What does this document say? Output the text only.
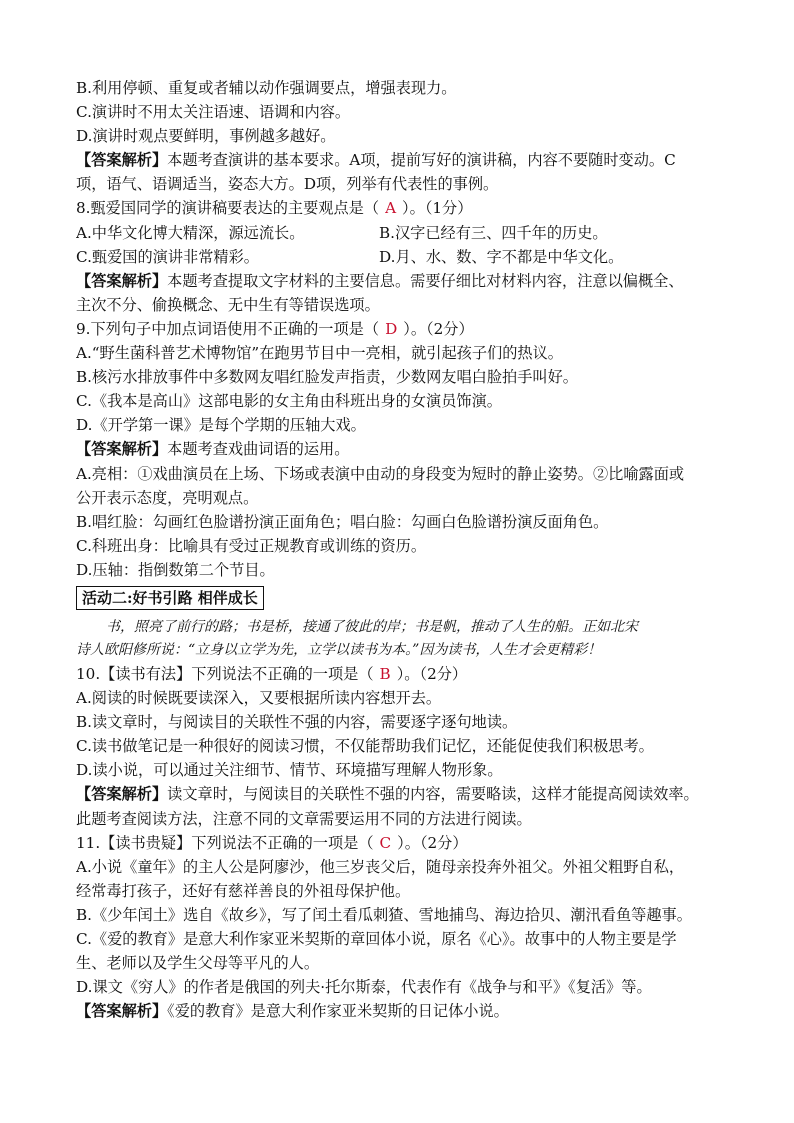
B.利用停顿、重复或者辅以动作强调要点，增强表现力。
C.演讲时不用太关注语速、语调和内容。
D.演讲时观点要鲜明，事例越多越好。
【答案解析】本题考查演讲的基本要求。A项，提前写好的演讲稿，内容不要随时变动。C
项，语气、语调适当，姿态大方。D项，列举有代表性的事例。
8.甄爱国同学的演讲稿要表达的主要观点是（ A ）。（1分）
A.中华文化博大精深，源远流长。	B.汉字已经有三、四千年的历史。
C.甄爱国的演讲非常精彩。	D.月、水、数、字不都是中华文化。
【答案解析】本题考查提取文字材料的主要信息。需要仔细比对材料内容，注意以偏概全、
主次不分、偷换概念、无中生有等错误选项。
9.下列句子中加点词语使用不正确的一项是（ D ）。（2分）
A.“野生菌科普艺术博物馆”在跑男节目中一亮相，就引起孩子们的热议。
B.核污水排放事件中多数网友唱红脸发声指责，少数网友唱白脸拍手叫好。
C.《我本是高山》这部电影的女主角由科班出身的女演员饰演。
D.《开学第一课》是每个学期的压轴大戏。
【答案解析】本题考查戏曲词语的运用。
A.亮相：①戏曲演员在上场、下场或表演中由动的身段变为短时的静止姿势。②比喻露面或
公开表示态度，亮明观点。
B.唱红脸：勾画红色脸谱扮演正面角色；唱白脸：勾画白色脸谱扮演反面角色。
C.科班出身：比喻具有受过正规教育或训练的资历。
D.压轴：指倒数第二个节目。
活动二:好书引路 相伴成长
书，照亮了前行的路；书是桥，接通了彼此的岸；书是帆，推动了人生的船。正如北宋
诗人欧阳修所说：“立身以立学为先，立学以读书为本。”因为读书，人生才会更精彩！
10.【读书有法】下列说法不正确的一项是（ B ）。（2分）
A.阅读的时候既要读深入，又要根据所读内容想开去。
B.读文章时，与阅读目的关联性不强的内容，需要逐字逐句地读。
C.读书做笔记是一种很好的阅读习惯，不仅能帮助我们记忆，还能促使我们积极思考。
D.读小说，可以通过关注细节、情节、环境描写理解人物形象。
【答案解析】读文章时，与阅读目的关联性不强的内容，需要略读，这样才能提高阅读效率。
此题考查阅读方法，注意不同的文章需要运用不同的方法进行阅读。
11.【读书贵疑】下列说法不正确的一项是（ C ）。（2分）
A.小说《童年》的主人公是阿廖沙，他三岁丧父后，随母亲投奔外祖父。外祖父粗野自私，
经常毒打孩子，还好有慈祥善良的外祖母保护他。
B.《少年闰土》选自《故乡》，写了闰土看瓜刺猹、雪地捕鸟、海边拾贝、潮汛看鱼等趣事。
C.《爱的教育》是意大利作家亚米契斯的章回体小说，原名《心》。故事中的人物主要是学
生、老师以及学生父母等平凡的人。
D.课文《穷人》的作者是俄国的列夫·托尔斯泰，代表作有《战争与和平》《复活》等。
【答案解析】《爱的教育》是意大利作家亚米契斯的日记体小说。
